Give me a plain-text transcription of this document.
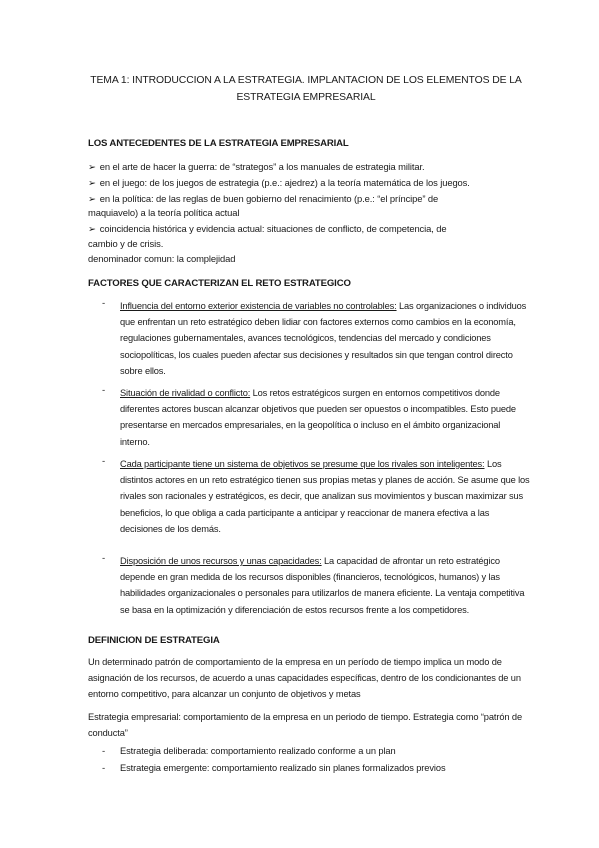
TEMA 1: INTRODUCCION A LA ESTRATEGIA. IMPLANTACION DE LOS ELEMENTOS DE LA ESTRATEGIA EMPRESARIAL
LOS ANTECEDENTES DE LA ESTRATEGIA EMPRESARIAL
➢ en el arte de hacer la guerra: de “strategos” a los manuales de estrategia militar.
➢ en el juego: de los juegos de estrategia (p.e.: ajedrez) a la teoría matemática de los juegos.
➢ en la política: de las reglas de buen gobierno del renacimiento (p.e.: “el príncipe” de
maquiavelo) a la teoría política actual
➢ coincidencia histórica y evidencia actual: situaciones de conflicto, de competencia, de
cambio y de crisis.
denominador comun: la complejidad
FACTORES QUE CARACTERIZAN EL RETO ESTRATEGICO
- Influencia del entorno exterior existencia de variables no controlables: Las organizaciones o individuos que enfrentan un reto estratégico deben lidiar con factores externos como cambios en la economía, regulaciones gubernamentales, avances tecnológicos, tendencias del mercado y condiciones sociopolíticas, los cuales pueden afectar sus decisiones y resultados sin que tengan control directo sobre ellos.
- Situación de rivalidad o conflicto: Los retos estratégicos surgen en entornos competitivos donde diferentes actores buscan alcanzar objetivos que pueden ser opuestos o incompatibles. Esto puede presentarse en mercados empresariales, en la geopolítica o incluso en el ámbito organizacional interno.
- Cada participante tiene un sistema de objetivos se presume que los rivales son inteligentes: Los distintos actores en un reto estratégico tienen sus propias metas y planes de acción. Se asume que los rivales son racionales y estratégicos, es decir, que analizan sus movimientos y buscan maximizar sus beneficios, lo que obliga a cada participante a anticipar y reaccionar de manera efectiva a las decisiones de los demás.
- Disposición de unos recursos y unas capacidades: La capacidad de afrontar un reto estratégico depende en gran medida de los recursos disponibles (financieros, tecnológicos, humanos) y las habilidades organizacionales o personales para utilizarlos de manera eficiente. La ventaja competitiva se basa en la optimización y diferenciación de estos recursos frente a los competidores.
DEFINICION DE ESTRATEGIA
Un determinado patrón de comportamiento de la empresa en un período de tiempo implica un modo de asignación de los recursos, de acuerdo a unas capacidades específicas, dentro de los condicionantes de un entorno competitivo, para alcanzar un conjunto de objetivos y metas
Estrategia empresarial: comportamiento de la empresa en un periodo de tiempo. Estrategia como “patrón de conducta”
- Estrategia deliberada: comportamiento realizado conforme a un plan
- Estrategia emergente: comportamiento realizado sin planes formalizados previos
